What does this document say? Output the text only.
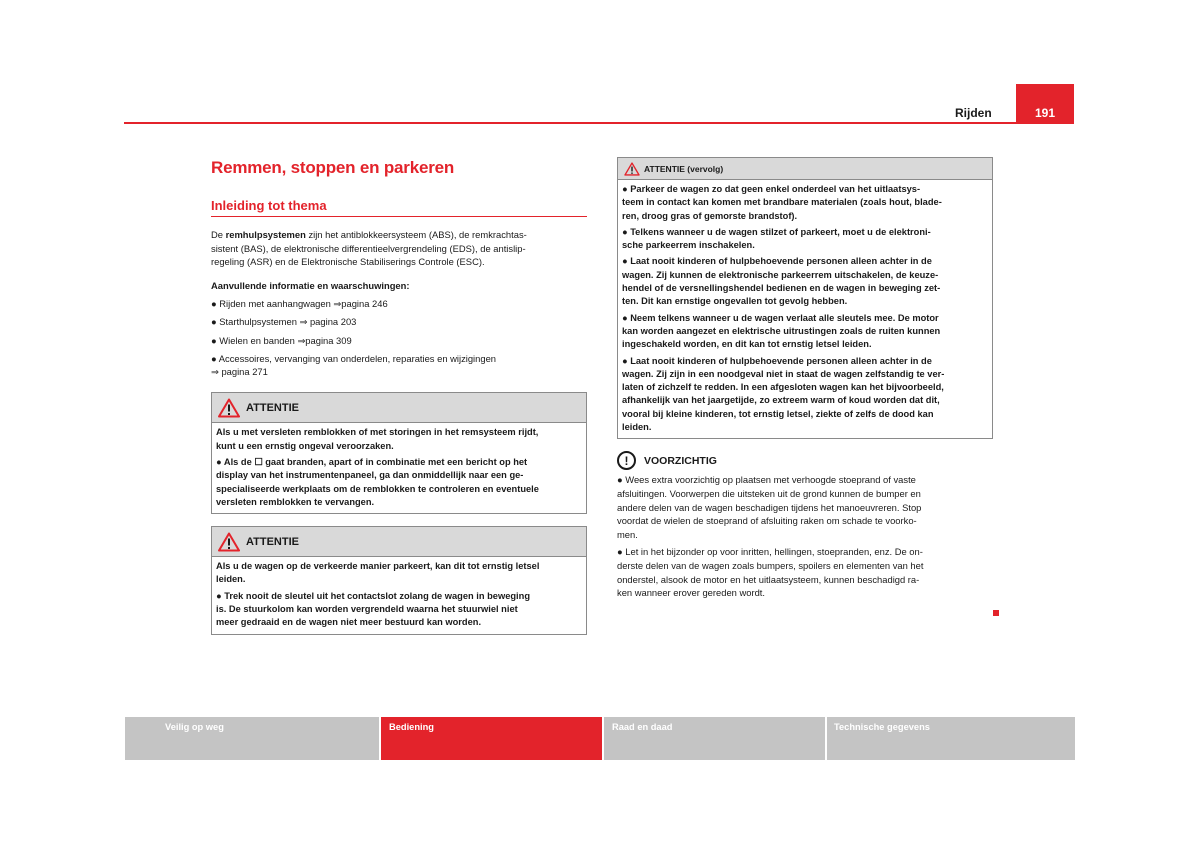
Rijden	191
Remmen, stoppen en parkeren
Inleiding tot thema

De remhulpsystemen zijn het antiblokkeersysteem (ABS), de remkrachtas-
sistent (BAS), de elektronische differentieelvergrendeling (EDS), de antislip-
regeling (ASR) en de Elektronische Stabiliserings Controle (ESC).

Aanvullende informatie en waarschuwingen:

● Rijden met aanhangwagen ⇒pagina 246
● Starthulpsystemen ⇒ pagina 203
● Wielen en banden ⇒pagina 309
● Accessoires, vervanging van onderdelen, reparaties en wijzigingen
⇒ pagina 271
ATTENTIE

Als u met versleten remblokken of met storingen in het remsysteem rijdt,
kunt u een ernstig ongeval veroorzaken.

● Als de ☐ gaat branden, apart of in combinatie met een bericht op het
display van het instrumentenpaneel, ga dan onmiddellijk naar een ge-
specialiseerde werkplaats om de remblokken te controleren en eventuele
versleten remblokken te vervangen.

ATTENTIE

Als u de wagen op de verkeerde manier parkeert, kan dit tot ernstig letsel
leiden.

● Trek nooit de sleutel uit het contactslot zolang de wagen in beweging
is. De stuurkolom kan worden vergrendeld waarna het stuurwiel niet
meer gedraaid en de wagen niet meer bestuurd kan worden.

ATTENTIE (vervolg)

● Parkeer de wagen zo dat geen enkel onderdeel van het uitlaatsys-
teem in contact kan komen met brandbare materialen (zoals hout, blade-
ren, droog gras of gemorste brandstof).

● Telkens wanneer u de wagen stilzet of parkeert, moet u de elektroni-
sche parkeerrem inschakelen.

● Laat nooit kinderen of hulpbehoevende personen alleen achter in de
wagen. Zij kunnen de elektronische parkeerrem uitschakelen, de keuze-
hendel of de versnellingshendel bedienen en de wagen in beweging zet-
ten. Dit kan ernstige ongevallen tot gevolg hebben.

● Neem telkens wanneer u de wagen verlaat alle sleutels mee. De motor
kan worden aangezet en elektrische uitrustingen zoals de ruiten kunnen
ingeschakeld worden, en dit kan tot ernstig letsel leiden.

● Laat nooit kinderen of hulpbehoevende personen alleen achter in de
wagen. Zij zijn in een noodgeval niet in staat de wagen zelfstandig te ver-
laten of zichzelf te redden. In een afgesloten wagen kan het bijvoorbeeld,
afhankelijk van het jaargetijde, zo extreem warm of koud worden dat dit,
vooral bij kleine kinderen, tot ernstig letsel, ziekte of zelfs de dood kan
leiden.

!	VOORZICHTIG

● Wees extra voorzichtig op plaatsen met verhoogde stoeprand of vaste
afsluitingen. Voorwerpen die uitsteken uit de grond kunnen de bumper en
andere delen van de wagen beschadigen tijdens het manoeuvreren. Stop
voordat de wielen de stoeprand of afsluiting raken om schade te voorko-
men.

● Let in het bijzonder op voor inritten, hellingen, stoepranden, enz. De on-
derste delen van de wagen zoals bumpers, spoilers en elementen van het
onderstel, alsook de motor en het uitlaatsysteem, kunnen beschadigd ra-
ken wanneer erover gereden wordt.

Veilig op weg	Bediening	Raad en daad	Technische gegevens
